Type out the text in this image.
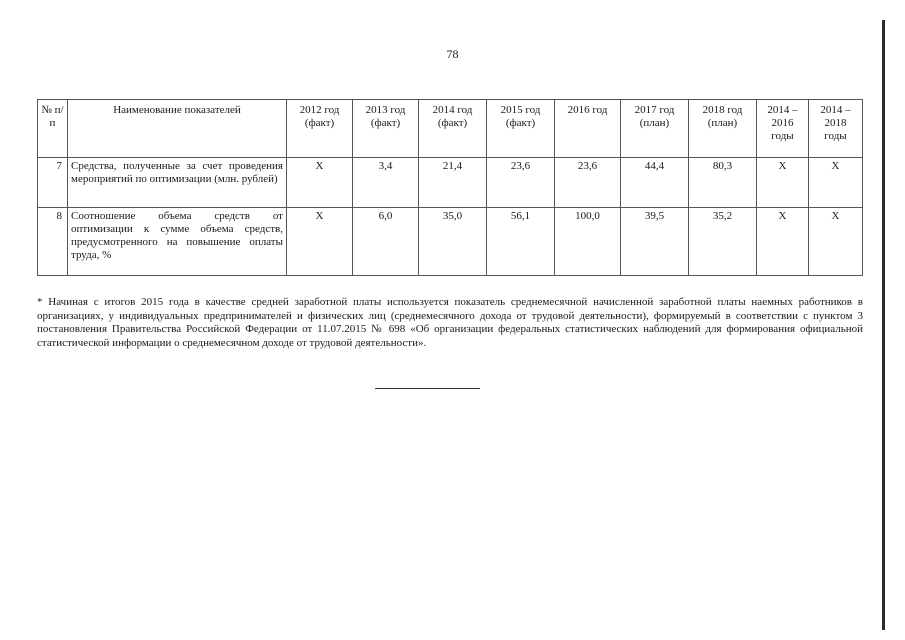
78
№ п/п	Наименование показателей	2012 год (факт)	2013 год (факт)	2014 год (факт)	2015 год (факт)	2016 год	2017 год (план)	2018 год (план)	2014 – 2016 годы	2014 – 2018 годы
7	Средства, полученные за счет проведения мероприятий по оптимизации (млн. рублей)	Х	3,4	21,4	23,6	23,6	44,4	80,3	Х	Х
8	Соотношение объема средств от оптимизации к сумме объема средств, предусмотренного на повышение оплаты труда, %	Х	6,0	35,0	56,1	100,0	39,5	35,2	Х	Х
* Начиная с итогов 2015 года в качестве средней заработной платы используется показатель среднемесячной начисленной заработной платы наемных работников в организациях, у индивидуальных предпринимателей и физических лиц (среднемесячного дохода от трудовой деятельности), формируемый в соответствии с пунктом 3 постановления Правительства Российской Федерации от 11.07.2015 № 698 «Об организации федеральных статистических наблюдений для формирования официальной статистической информации о среднемесячном доходе от трудовой деятельности».
